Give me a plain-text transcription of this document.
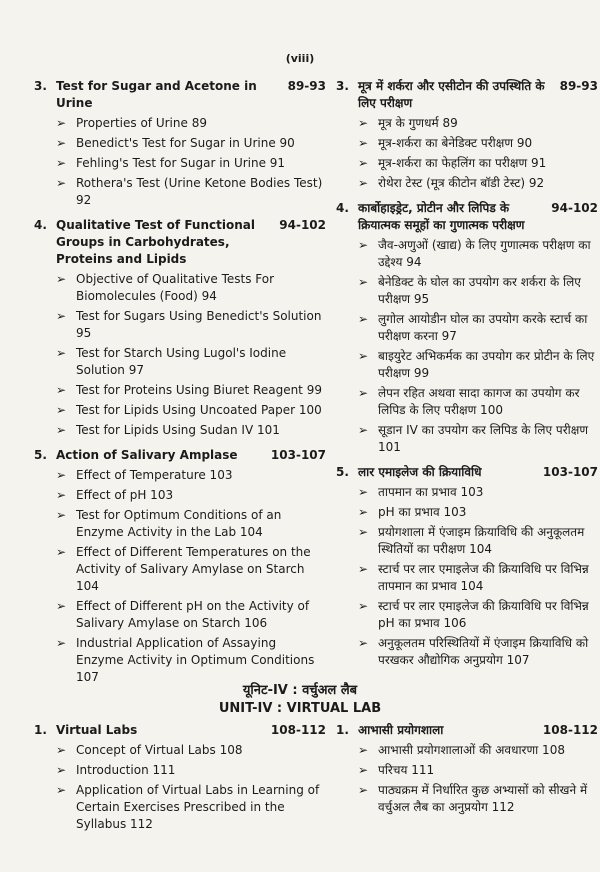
(viii)
3. Test for Sugar and Acetone in Urine
89-93
➢ Properties of Urine 89
➢ Benedict's Test for Sugar in Urine 90
➢ Fehling's Test for Sugar in Urine 91
➢ Rothera's Test (Urine Ketone Bodies Test) 92
4. Qualitative Test of Functional Groups in Carbohydrates, Proteins and Lipids
94-102
➢ Objective of Qualitative Tests For Biomolecules (Food) 94
➢ Test for Sugars Using Benedict's Solution 95
➢ Test for Starch Using Lugol's Iodine Solution 97
➢ Test for Proteins Using Biuret Reagent 99
➢ Test for Lipids Using Uncoated Paper 100
➢ Test for Lipids Using Sudan IV 101
5. Action of Salivary Amplase	103-107
➢ Effect of Temperature 103
➢ Effect of pH 103
➢ Test for Optimum Conditions of an Enzyme Activity in the Lab 104
➢ Effect of Different Temperatures on the Activity of Salivary Amylase on Starch 104
➢ Effect of Different pH on the Activity of Salivary Amylase on Starch 106
➢ Industrial Application of Assaying Enzyme Activity in Optimum Conditions 107
3. मूत्र में शर्करा और एसीटोन की उपस्थिति के लिए परीक्षण
89-93
➢ मूत्र के गुणधर्म 89
➢ मूत्र-शर्करा का बेनेडिक्ट परीक्षण 90
➢ मूत्र-शर्करा का फेहलिंग का परीक्षण 91
➢ रोथेरा टेस्ट (मूत्र कीटोन बॉडी टेस्ट) 92
4. कार्बोहाइड्रेट, प्रोटीन और लिपिड के क्रियात्मक समूहों का गुणात्मक परीक्षण
94-102
➢ जैव-अणुओं (खाद्य) के लिए गुणात्मक परीक्षण का उद्देश्य 94
➢ बेनेडिक्ट के घोल का उपयोग कर शर्करा के लिए परीक्षण 95
➢ लुगोल आयोडीन घोल का उपयोग करके स्टार्च का परीक्षण करना 97
➢ बाइयुरेट अभिकर्मक का उपयोग कर प्रोटीन के लिए परीक्षण 99
➢ लेपन रहित अथवा सादा कागज का उपयोग कर लिपिड के लिए परीक्षण 100
➢ सूडान IV का उपयोग कर लिपिड के लिए परीक्षण 101
5. लार एमाइलेज की क्रियाविधि	103-107
➢ तापमान का प्रभाव 103
➢ pH का प्रभाव 103
➢ प्रयोगशाला में एंजाइम क्रियाविधि की अनुकूलतम स्थितियों का परीक्षण 104
➢ स्टार्च पर लार एमाइलेज की क्रियाविधि पर विभिन्न तापमान का प्रभाव 104
➢ स्टार्च पर लार एमाइलेज की क्रियाविधि पर विभिन्न pH का प्रभाव 106
➢ अनुकूलतम परिस्थितियों में एंजाइम क्रियाविधि को परखकर औद्योगिक अनुप्रयोग 107
यूनिट-IV : वर्चुअल लैब
UNIT-IV : VIRTUAL LAB
1. Virtual Labs	108-112
➢ Concept of Virtual Labs 108
➢ Introduction 111
➢ Application of Virtual Labs in Learning of Certain Exercises Prescribed in the Syllabus 112
1. आभासी प्रयोगशाला	108-112
➢ आभासी प्रयोगशालाओं की अवधारणा 108
➢ परिचय 111
➢ पाठ्यक्रम में निर्धारित कुछ अभ्यासों को सीखने में वर्चुअल लैब का अनुप्रयोग 112
